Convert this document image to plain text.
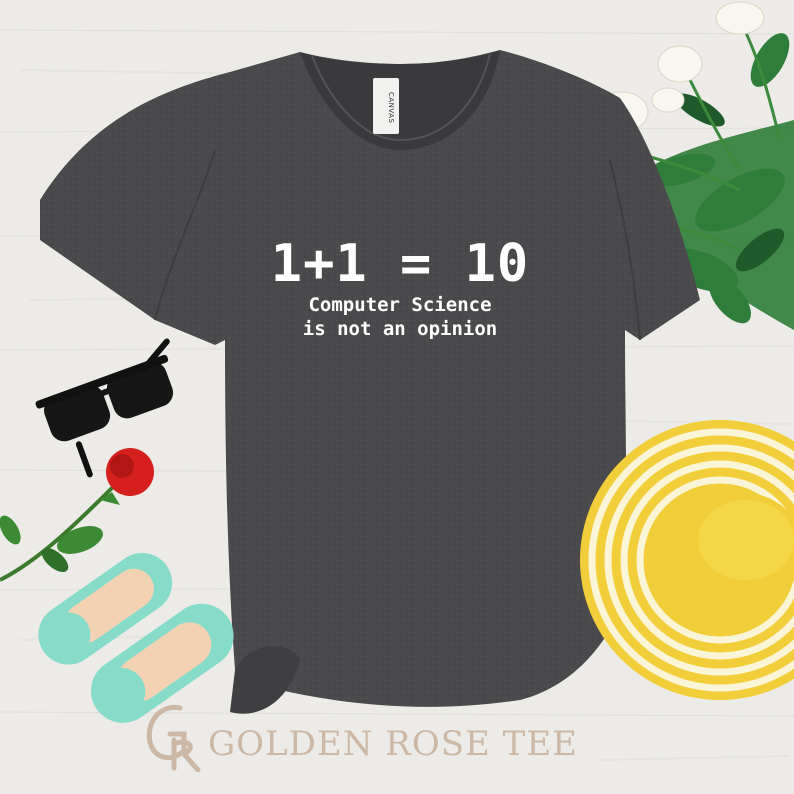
1+1 = 10
Computer Science
is not an opinion
CANVAS
GOLDEN ROSE TEE
